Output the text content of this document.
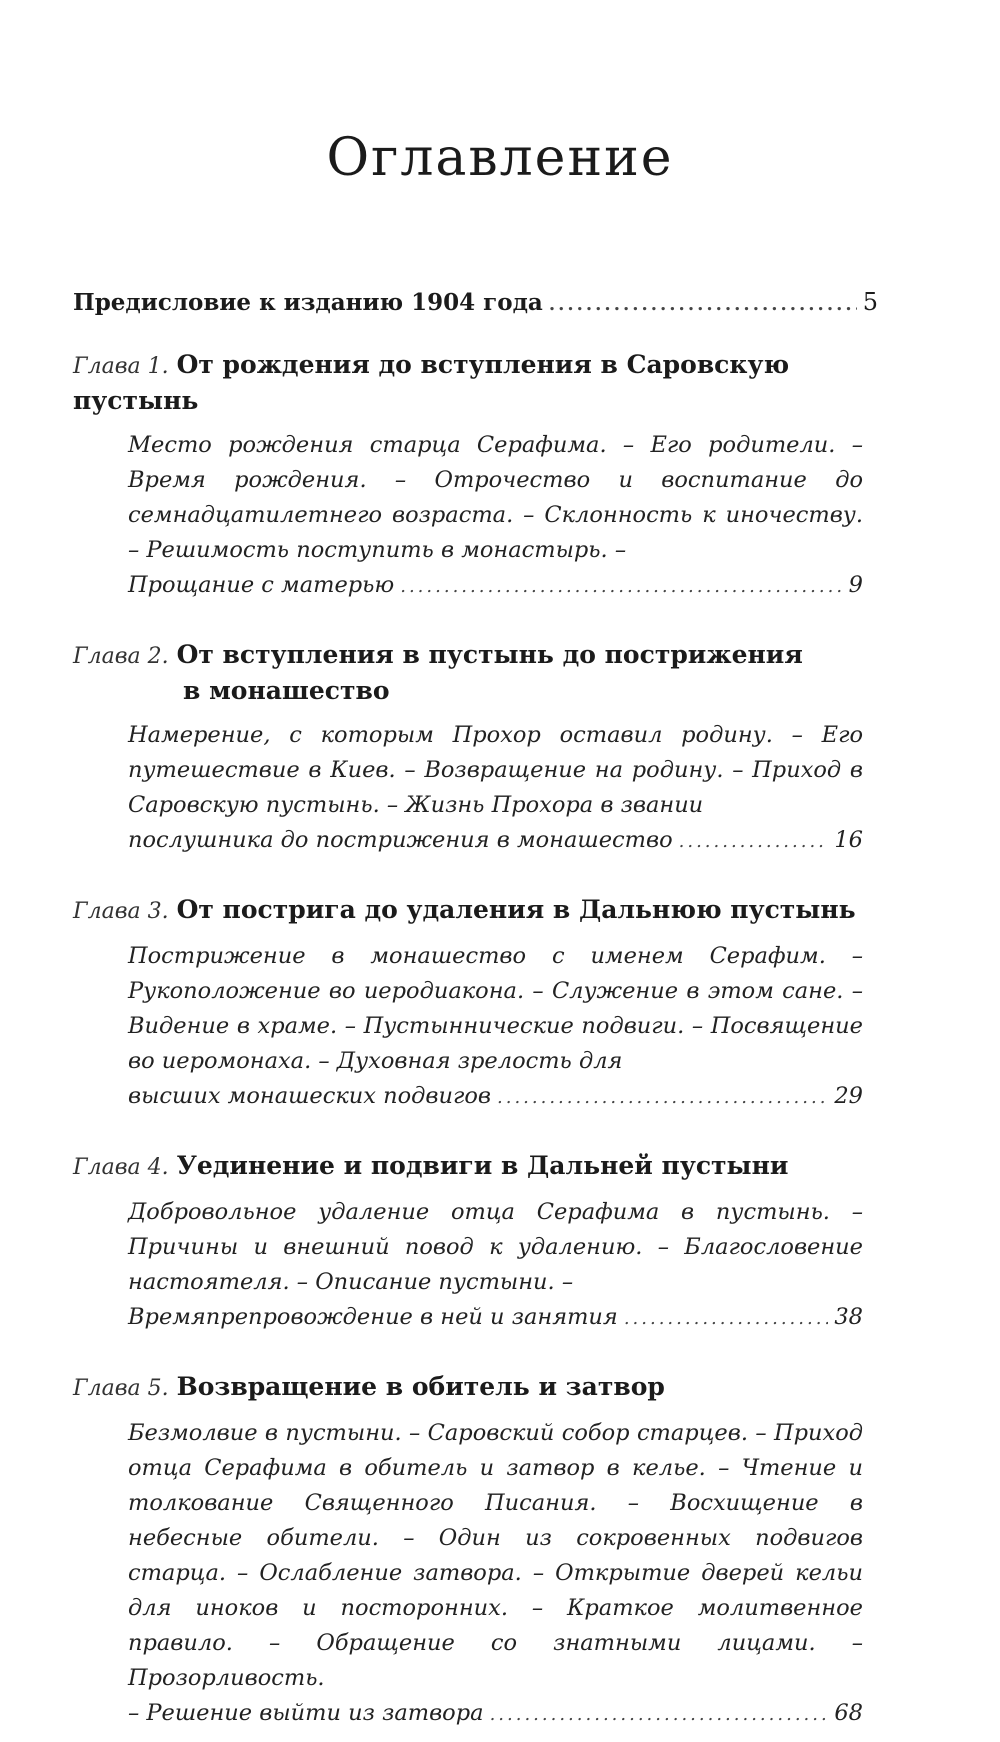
Оглавление
Предисловие к изданию 1904 года .....	5
Глава 1. От рождения до вступления в Саровскую пустынь
Место рождения старца Серафима. – Его родители. – Время рождения. – Отрочество и воспитание до семнадцатилетнего возраста. – Склонность к иночеству. – Решимость поступить в монастырь. –
Прощание с матерью .....	9
Глава 2. От вступления в пустынь до пострижения
в монашество
Намерение, с которым Прохор оставил родину. – Его путешествие в Киев. – Возвращение на родину. – Приход в Саровскую пустынь. – Жизнь Прохора в звании
послушника до пострижения в монашество .....	16
Глава 3. От пострига до удаления в Дальнюю пустынь
Пострижение в монашество с именем Серафим. – Рукоположение во иеродиакона. – Служение в этом сане. – Видение в храме. – Пустыннические подвиги. – Посвящение во иеромонаха. – Духовная зрелость для
высших монашеских подвигов .....	29
Глава 4. Уединение и подвиги в Дальней пустыни
Добровольное удаление отца Серафима в пустынь. – Причины и внешний повод к удалению. – Благословение настоятеля. – Описание пустыни. –
Времяпрепровождение в ней и занятия .....	38
Глава 5. Возвращение в обитель и затвор
Безмолвие в пустыни. – Саровский собор старцев. – Приход отца Серафима в обитель и затвор в келье. – Чтение и толкование Священного Писания. – Восхищение в небесные обители. – Один из сокровенных подвигов старца. – Ослабление затвора. – Открытие дверей кельи для иноков и посторонних. – Краткое молитвенное правило. – Обращение со знатными лицами. – Прозорливость.
– Решение выйти из затвора .....	68
